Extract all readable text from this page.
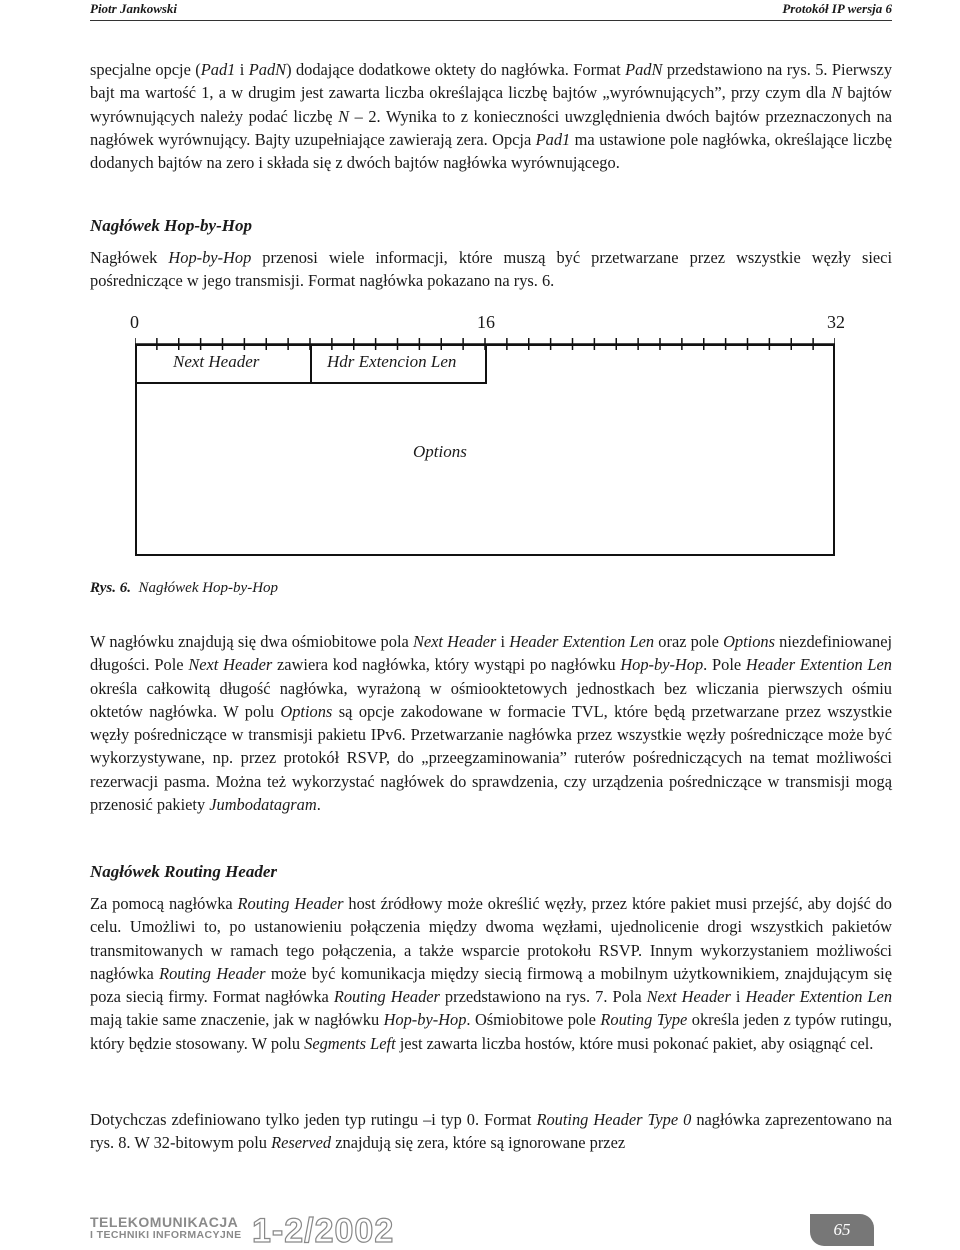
Piotr Jankowski	Protokół IP wersja 6

specjalne opcje (Pad1 i PadN) dodające dodatkowe oktety do nagłówka. Format PadN przedstawiono na rys. 5. Pierwszy bajt ma wartość 1, a w drugim jest zawarta liczba określająca liczbę bajtów „wyrównujących”, przy czym dla N bajtów wyrównujących należy podać liczbę N – 2. Wynika to z konieczności uwzględnienia dwóch bajtów przeznaczonych na nagłówek wyrównujący. Bajty uzupełniające zawierają zera. Opcja Pad1 ma ustawione pole nagłówka, określające liczbę dodanych bajtów na zero i składa się z dwóch bajtów nagłówka wyrównującego.

Nagłówek Hop-by-Hop

Nagłówek Hop-by-Hop przenosi wiele informacji, które muszą być przetwarzane przez wszystkie węzły sieci pośredniczące w jego transmisji. Format nagłówka pokazano na rys. 6.

W nagłówku znajdują się dwa ośmiobitowe pola Next Header i Header Extention Len oraz pole Options niezdefiniowanej długości. Pole Next Header zawiera kod nagłówka, który wystąpi po nagłówku Hop-by-Hop. Pole Header Extention Len określa całkowitą długość nagłówka, wyrażoną w ośmiooktetowych jednostkach bez wliczania pierwszych ośmiu oktetów nagłówka. W polu Options są opcje zakodowane w formacie TVL, które będą przetwarzane przez wszystkie węzły pośredniczące w transmisji pakietu IPv6. Przetwarzanie nagłówka przez wszystkie węzły pośredniczące może być wykorzystywane, np. przez protokół RSVP, do „przeegzaminowania” ruterów pośredniczących na temat możliwości rezerwacji pasma. Można też wykorzystać nagłówek do sprawdzenia, czy urządzenia pośredniczące w transmisji mogą przenosić pakiety Jumbodatagram.

Nagłówek Routing Header

Za pomocą nagłówka Routing Header host źródłowy może określić węzły, przez które pakiet musi przejść, aby dojść do celu. Umożliwi to, po ustanowieniu połączenia między dwoma węzłami, ujednolicenie drogi wszystkich pakietów transmitowanych w ramach tego połączenia, a także wsparcie protokołu RSVP. Innym wykorzystaniem możliwości nagłówka Routing Header może być komunikacja między siecią firmową a mobilnym użytkownikiem, znajdującym się poza siecią firmy. Format nagłówka Routing Header przedstawiono na rys. 7. Pola Next Header i Header Extention Len mają takie same znaczenie, jak w nagłówku Hop-by-Hop. Ośmiobitowe pole Routing Type określa jeden z typów rutingu, który będzie stosowany. W polu Segments Left jest zawarta liczba hostów, które musi pokonać pakiet, aby osiągnąć cel.

Dotychczas zdefiniowano tylko jeden typ rutingu –i typ 0. Format Routing Header Type 0 nagłówka zaprezentowano na rys. 8. W 32-bitowym polu Reserved znajdują się zera, które są ignorowane przez

0	16	32
Options
Next Header	Hdr Extencion Len
Rys. 6. Nagłówek Hop-by-Hop
TELEKOMUNIKACJA
I TECHNIKI INFORMACYJNE 1-2/2002	65
